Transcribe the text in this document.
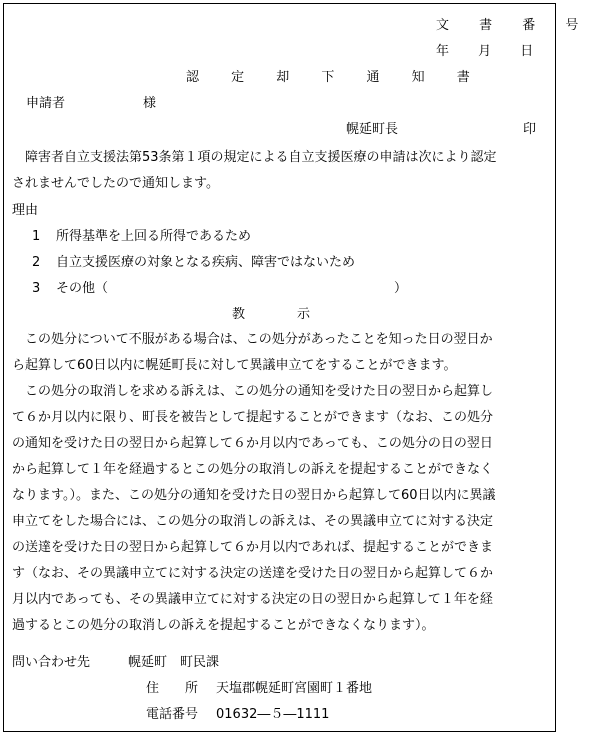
文 書 番 号
年　 月　 日
認 定 却 下 通 知 書
申請者	様
幌延町長	印
障害者自立支援法第53条第１項の規定による自立支援医療の申請は次により認定
されませんでしたので通知します。
理由
1 所得基準を上回る所得であるため
2 自立支援医療の対象となる疾病、障害ではないため
3 その他（　　　　　　　　　　　　　　　　　　　　　　）
教　　　　示
この処分について不服がある場合は、この処分があったことを知った日の翌日か
ら起算して60日以内に幌延町長に対して異議申立てをすることができます。
この処分の取消しを求める訴えは、この処分の通知を受けた日の翌日から起算し
て６か月以内に限り、町長を被告として提起することができます（なお、この処分
の通知を受けた日の翌日から起算して６か月以内であっても、この処分の日の翌日
から起算して１年を経過するとこの処分の取消しの訴えを提起することができなく
なります。）。また、この処分の通知を受けた日の翌日から起算して60日以内に異議
申立てをした場合には、この処分の取消しの訴えは、その異議申立てに対する決定
の送達を受けた日の翌日から起算して６か月以内であれば、提起することができま
す（なお、その異議申立てに対する決定の送達を受けた日の翌日から起算して６か
月以内であっても、その異議申立てに対する決定の日の翌日から起算して１年を経
過するとこの処分の取消しの訴えを提起することができなくなります）。
問い合わせ先	幌延町　町民課
住　　所 天塩郡幌延町宮園町１番地
電話番号 01632―５―1111
